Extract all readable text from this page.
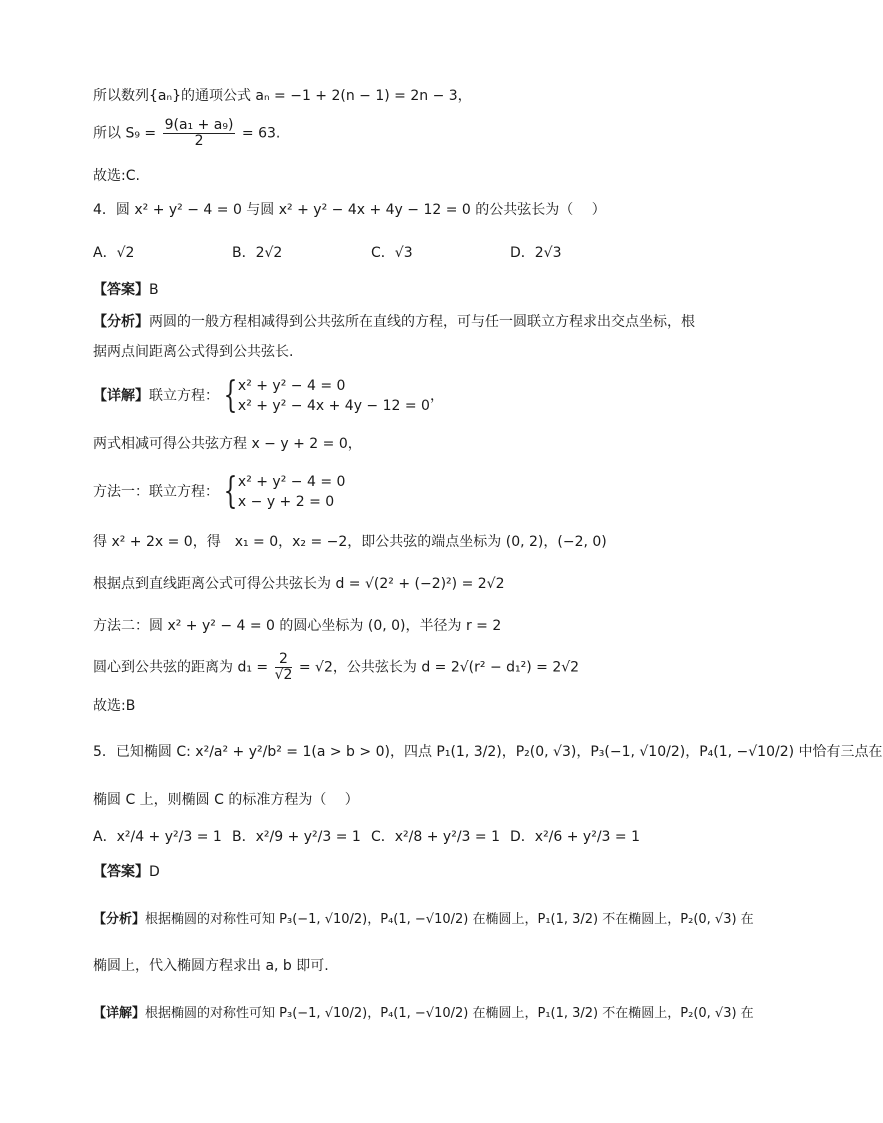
所以数列{aₙ}的通项公式 aₙ = −1 + 2(n − 1) = 2n − 3，
所以 $S_9 = \frac{\text{9(a₁ + a₉)}}{2} = 63$.
故选:C.
4．圆 x² + y² − 4 = 0 与圆 x² + y² − 4x + 4y − 12 = 0 的公共弦长为（　 ）
A．√2	B．2√2	C．√3	D．2√3
【答案】B
【分析】两圆的一般方程相减得到公共弦所在直线的方程，可与任一圆联立方程求出交点坐标，根
据两点间距离公式得到公共弦长.
【详解】联立方程： { x² + y² − 4 = 0
x² + y² − 4x + 4y − 12 = 0
，
两式相减可得公共弦方程 x − y + 2 = 0，
方法一：联立方程： { x² + y² − 4 = 0
x − y + 2 = 0
得 x² + 2x = 0，得　x₁ = 0，x₂ = −2，即公共弦的端点坐标为 (0, 2)，(−2, 0)
根据点到直线距离公式可得公共弦长为 d = √(2² + (−2)²) = 2√2
方法二：圆 x² + y² − 4 = 0 的圆心坐标为 (0, 0)，半径为 r = 2
圆心到公共弦的距离为 $d_1 = \frac{2}{√2} = √2$，公共弦长为 d = 2√(r² − d₁²) = 2√2
故选:B
5．已知椭圆 C: x²/a² + y²/b² = 1(a > b > 0)，四点 P₁(1, 3/2)，P₂(0, √3)，P₃(−1, √10/2)，P₄(1, −√10/2) 中恰有三点在
椭圆 C 上，则椭圆 C 的标准方程为（　 ）
A．x²/4 + y²/3 = 1 B．x²/9 + y²/3 = 1 C．x²/8 + y²/3 = 1 D．x²/6 + y²/3 = 1
【答案】D
【分析】根据椭圆的对称性可知 P₃(−1, √10/2)，P₄(1, −√10/2) 在椭圆上，P₁(1, 3/2) 不在椭圆上，P₂(0, √3) 在
椭圆上，代入椭圆方程求出 a, b 即可.
【详解】根据椭圆的对称性可知 P₃(−1, √10/2)，P₄(1, −√10/2) 在椭圆上，P₁(1, 3/2) 不在椭圆上，P₂(0, √3) 在
